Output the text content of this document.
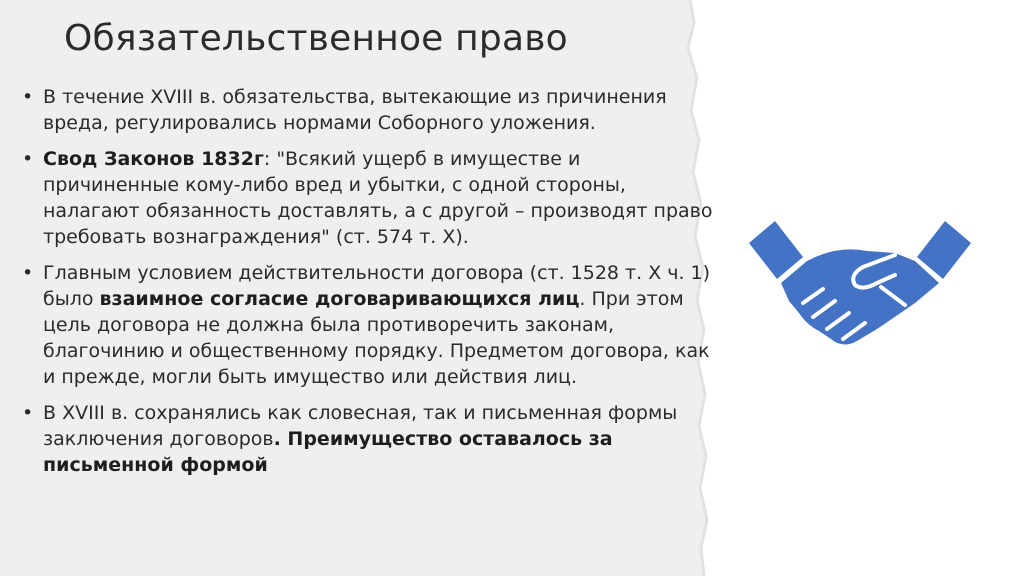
Обязательственное право
• В течение XVIII в. обязательства, вытекающие из причинения вреда, регулировались нормами Соборного уложения.
• Свод Законов 1832г: "Всякий ущерб в имуществе и причиненные кому-либо вред и убытки, с одной стороны, налагают обязанность доставлять, а с другой – производят право требовать вознаграждения" (ст. 574 т. X).
• Главным условием действительности договора (ст. 1528 т. X ч. 1) было взаимное согласие договаривающихся лиц. При этом цель договора не должна была противоречить законам, благочинию и общественному порядку. Предметом договора, как и прежде, могли быть имущество или действия лиц.
• В XVIII в. сохранялись как словесная, так и письменная формы заключения договоров. Преимущество оставалось за письменной формой
